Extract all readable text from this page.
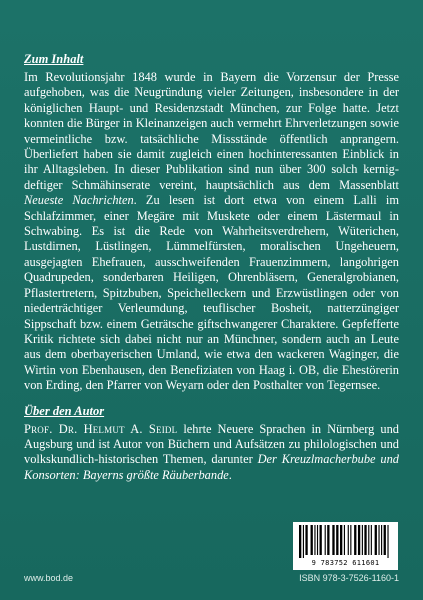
Zum Inhalt

Im Revolutionsjahr 1848 wurde in Bayern die Vorzensur der Presse aufgehoben, was die Neugründung vieler Zeitungen, insbesondere in der königlichen Haupt- und Residenzstadt München, zur Folge hatte. Jetzt konnten die Bürger in Kleinanzeigen auch vermehrt Ehrverletzungen sowie vermeintliche bzw. tatsächliche Missstände öffentlich anprangern. Überliefert haben sie damit zugleich einen hochinteressanten Einblick in ihr Alltagsleben. In dieser Publikation sind nun über 300 solch kernig-deftiger Schmähinserate vereint, hauptsächlich aus dem Massenblatt Neueste Nachrichten. Zu lesen ist dort etwa von einem Lalli im Schlafzimmer, einer Megäre mit Muskete oder einem Lästermaul in Schwabing. Es ist die Rede von Wahrheitsverdrehern, Wüterichen, Lustdirnen, Lüstlingen, Lümmelfürsten, moralischen Ungeheuern, ausgejagten Ehefrauen, ausschweifenden Frauenzimmern, langohrigen Quadrupeden, sonderbaren Heiligen, Ohrenbläsern, Generalgrobianen, Pflastertretern, Spitzbuben, Speichelleckern und Erzwüstlingen oder von niederträchtiger Verleumdung, teuflischer Bosheit, natterzüngiger Sippschaft bzw. einem Geträtsche giftschwangerer Charaktere. Gepfefferte Kritik richtete sich dabei nicht nur an Münchner, sondern auch an Leute aus dem oberbayerischen Umland, wie etwa den wackeren Waginger, die Wirtin von Ebenhausen, den Benefiziaten von Haag i. OB, die Ehestörerin von Erding, den Pfarrer von Weyarn oder den Posthalter von Tegernsee.

Über den Autor

Prof. Dr. Helmut A. Seidl lehrte Neuere Sprachen in Nürnberg und Augsburg und ist Autor von Büchern und Aufsätzen zu philologischen und volkskundlich-historischen Themen, darunter Der Kreuzlmacherbube und Konsorten: Bayerns größte Räuberbande.

9 783752 611601
www.bod.de	ISBN 978-3-7526-1160-1
